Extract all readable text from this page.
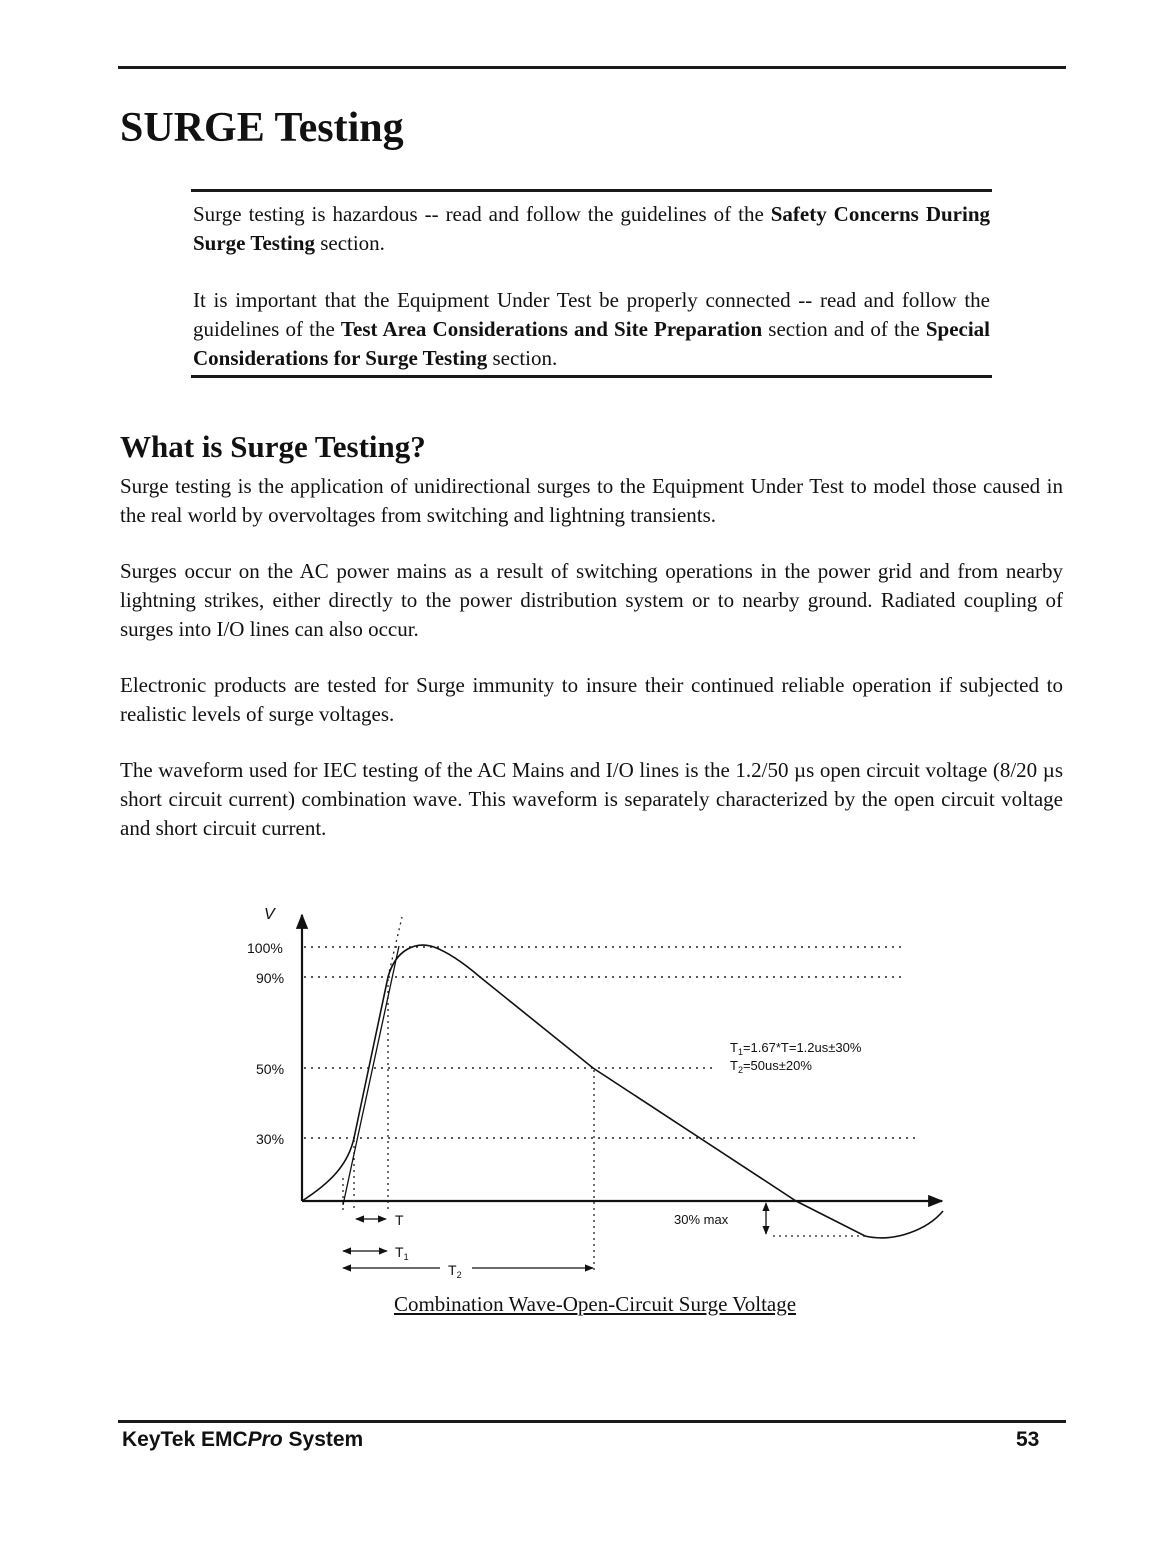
SURGE Testing

Surge testing is hazardous -- read and follow the guidelines of the Safety Concerns During Surge Testing section.

It is important that the Equipment Under Test be properly connected -- read and follow the guidelines of the Test Area Considerations and Site Preparation section and of the Special Considerations for Surge Testing section.

What is Surge Testing?

Surge testing is the application of unidirectional surges to the Equipment Under Test to model those caused in the real world by overvoltages from switching and lightning transients.

Surges occur on the AC power mains as a result of switching operations in the power grid and from nearby lightning strikes, either directly to the power distribution system or to nearby ground. Radiated coupling of surges into I/O lines can also occur.

Electronic products are tested for Surge immunity to insure their continued reliable operation if subjected to realistic levels of surge voltages.

The waveform used for IEC testing of the AC Mains and I/O lines is the 1.2/50 µs open circuit voltage (8/20 µs short circuit current) combination wave. This waveform is separately characterized by the open circuit voltage and short circuit current.

V
100%
90%
50%
30%
$T_1=1.67*T=1.2us\pm 30\%$
$T_2=50us\pm 20\%$
T
$T_1$
$T_2$
30% max
Combination Wave-Open-Circuit Surge Voltage
KeyTek EMCPro System	53
